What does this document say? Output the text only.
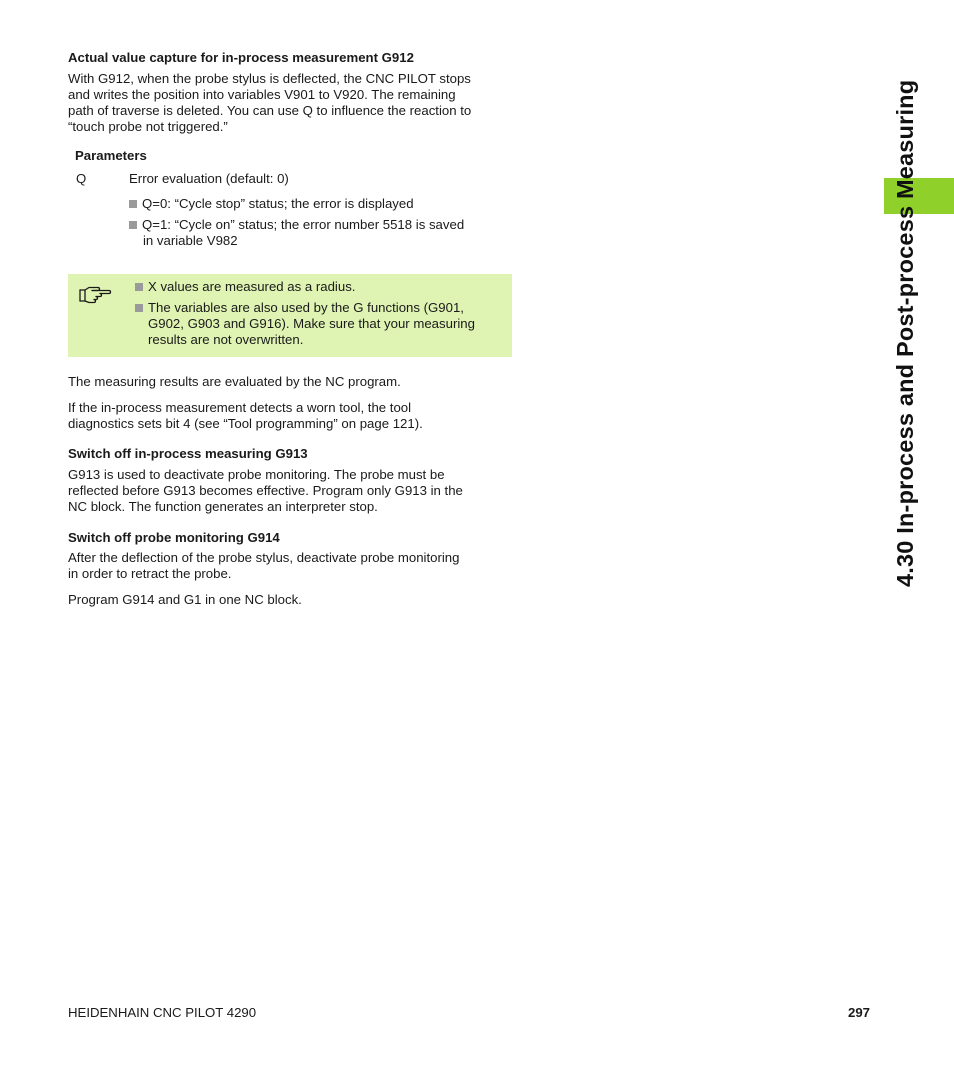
Actual value capture for in-process measurement G912
With G912, when the probe stylus is deflected, the CNC PILOT stops
and writes the position into variables V901 to V920. The remaining
path of traverse is deleted. You can use Q to influence the reaction to
“touch probe not triggered.”
Parameters
Q	Error evaluation (default: 0)
Q=0: “Cycle stop” status; the error is displayed
Q=1: “Cycle on” status; the error number 5518 is saved
in variable V982
X values are measured as a radius.
The variables are also used by the G functions (G901,
G902, G903 and G916). Make sure that your measuring
results are not overwritten.
The measuring results are evaluated by the NC program.
If the in-process measurement detects a worn tool, the tool
diagnostics sets bit 4 (see “Tool programming” on page 121).
Switch off in-process measuring G913
G913 is used to deactivate probe monitoring. The probe must be
reflected before G913 becomes effective. Program only G913 in the
NC block. The function generates an interpreter stop.
Switch off probe monitoring G914
After the deflection of the probe stylus, deactivate probe monitoring
in order to retract the probe.
Program G914 and G1 in one NC block.
4.30 In-process and Post-process Measuring
HEIDENHAIN CNC PILOT 4290	297
